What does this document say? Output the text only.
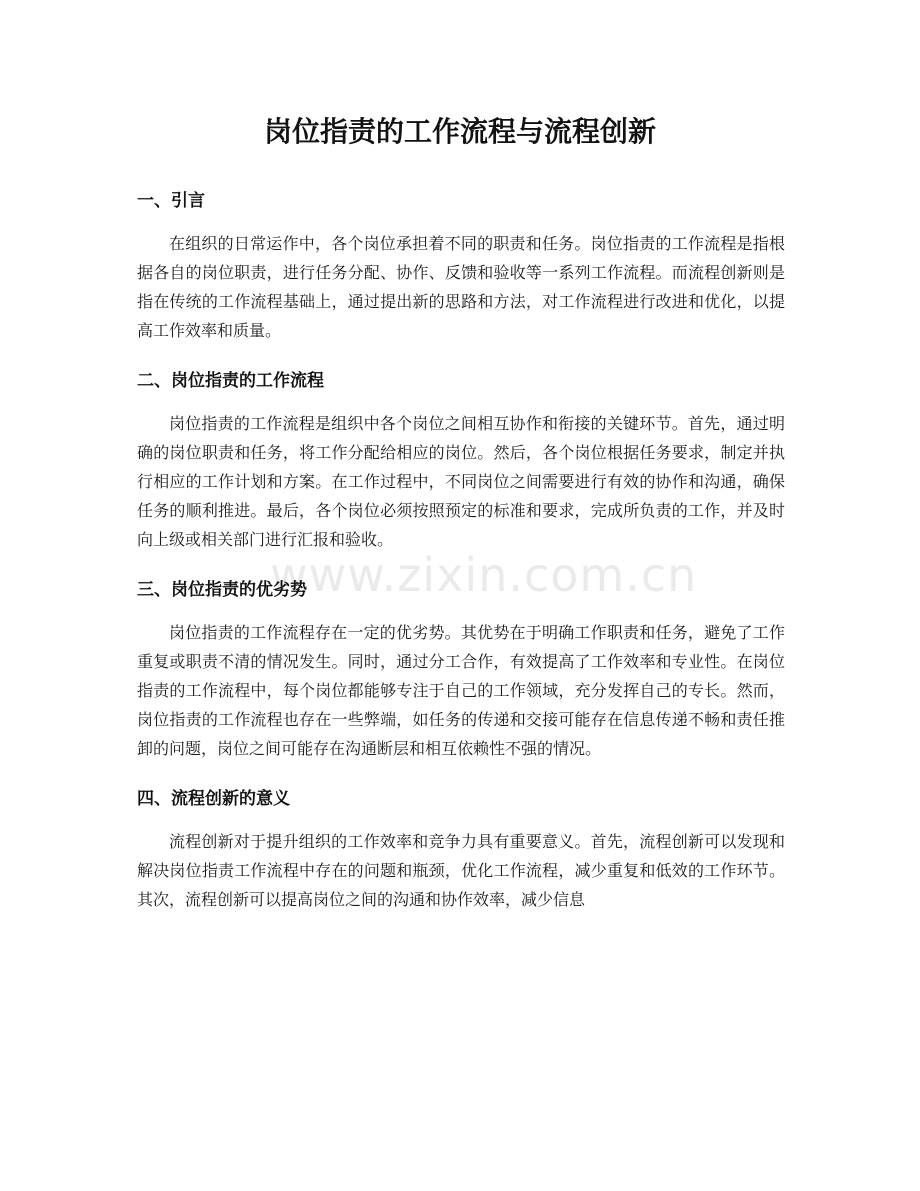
岗位指责的工作流程与流程创新
www.zixin.com.cn
一、引言

在组织的日常运作中，各个岗位承担着不同的职责和任务。岗位指责的工作流程是指根据各自的岗位职责，进行任务分配、协作、反馈和验收等一系列工作流程。而流程创新则是指在传统的工作流程基础上，通过提出新的思路和方法，对工作流程进行改进和优化，以提高工作效率和质量。

二、岗位指责的工作流程

岗位指责的工作流程是组织中各个岗位之间相互协作和衔接的关键环节。首先，通过明确的岗位职责和任务，将工作分配给相应的岗位。然后，各个岗位根据任务要求，制定并执行相应的工作计划和方案。在工作过程中，不同岗位之间需要进行有效的协作和沟通，确保任务的顺利推进。最后，各个岗位必须按照预定的标准和要求，完成所负责的工作，并及时向上级或相关部门进行汇报和验收。

三、岗位指责的优劣势

岗位指责的工作流程存在一定的优劣势。其优势在于明确工作职责和任务，避免了工作重复或职责不清的情况发生。同时，通过分工合作，有效提高了工作效率和专业性。在岗位指责的工作流程中，每个岗位都能够专注于自己的工作领域，充分发挥自己的专长。然而，岗位指责的工作流程也存在一些弊端，如任务的传递和交接可能存在信息传递不畅和责任推卸的问题，岗位之间可能存在沟通断层和相互依赖性不强的情况。

四、流程创新的意义

流程创新对于提升组织的工作效率和竞争力具有重要意义。首先，流程创新可以发现和解决岗位指责工作流程中存在的问题和瓶颈，优化工作流程，减少重复和低效的工作环节。其次，流程创新可以提高岗位之间的沟通和协作效率，减少信息
